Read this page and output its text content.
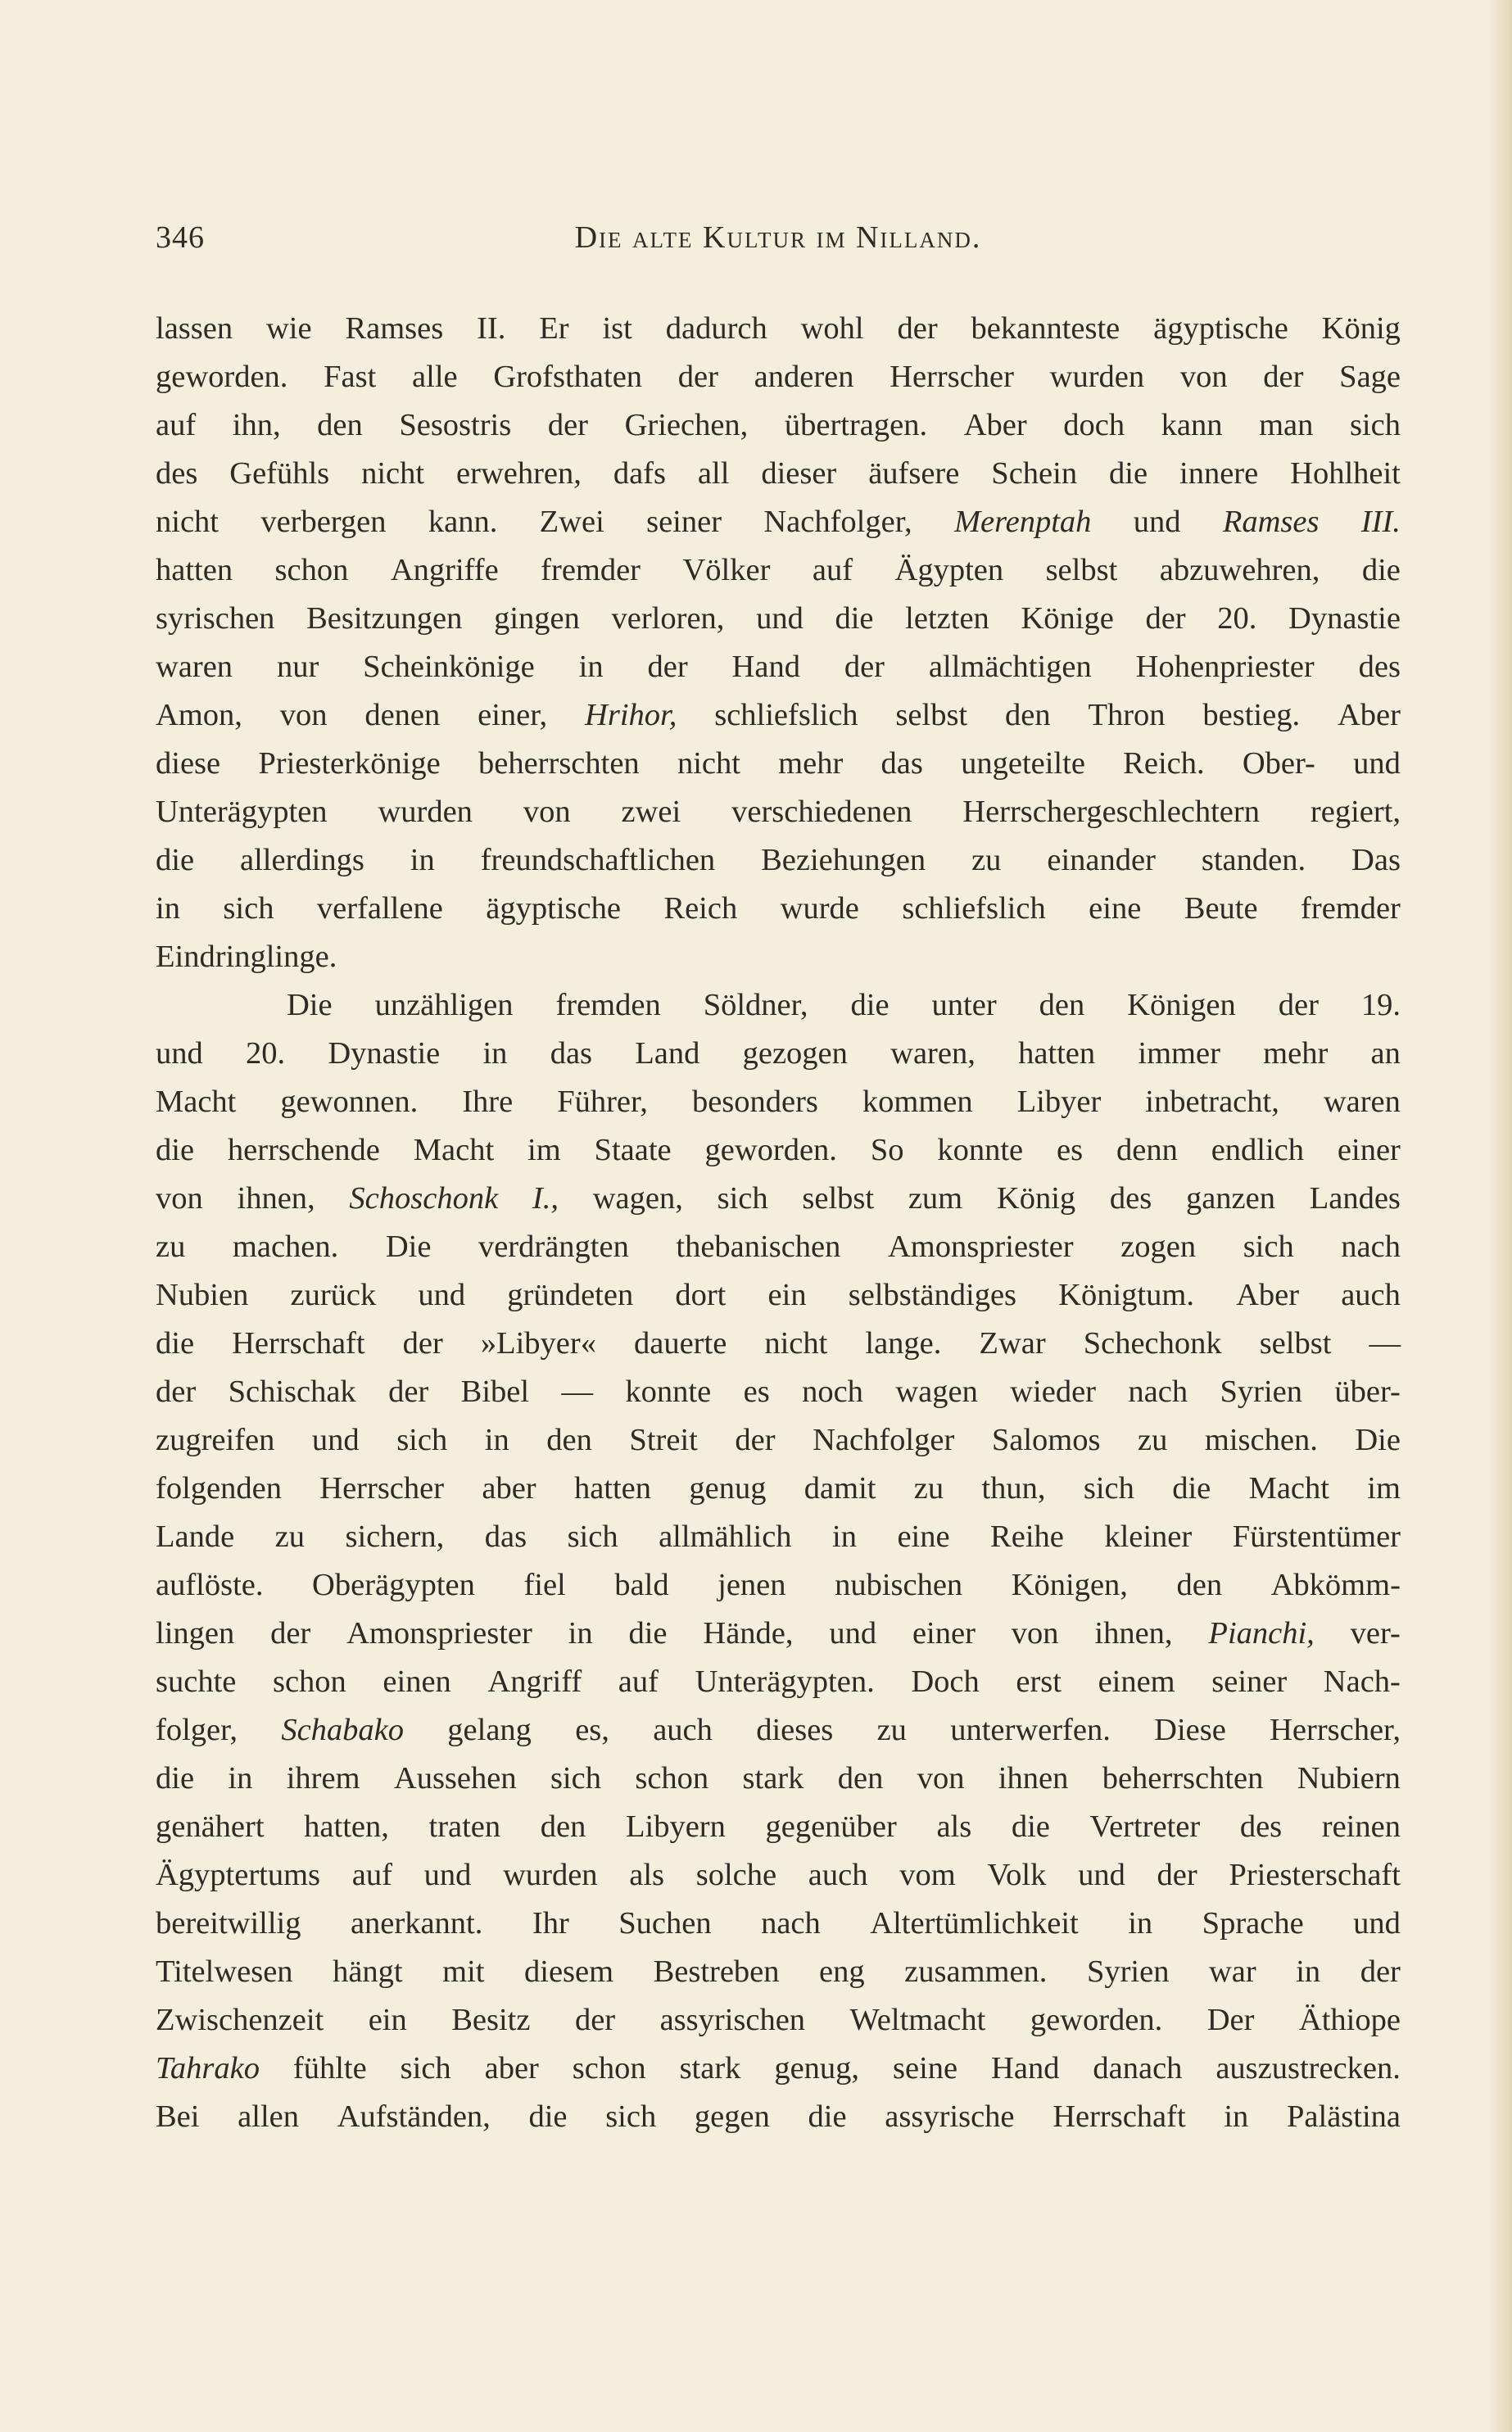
346	Die alte Kultur im Nilland.
lassen wie Ramses II. Er ist dadurch wohl der bekannteste ägyptische König
geworden. Fast alle Grofsthaten der anderen Herrscher wurden von der Sage
auf ihn, den Sesostris der Griechen, übertragen. Aber doch kann man sich
des Gefühls nicht erwehren, dafs all dieser äufsere Schein die innere Hohlheit
nicht verbergen kann. Zwei seiner Nachfolger, Merenptah und Ramses III.
hatten schon Angriffe fremder Völker auf Ägypten selbst abzuwehren, die
syrischen Besitzungen gingen verloren, und die letzten Könige der 20. Dynastie
waren nur Scheinkönige in der Hand der allmächtigen Hohenpriester des
Amon, von denen einer, Hrihor, schliefslich selbst den Thron bestieg. Aber
diese Priesterkönige beherrschten nicht mehr das ungeteilte Reich. Ober- und
Unterägypten wurden von zwei verschiedenen Herrschergeschlechtern regiert,
die allerdings in freundschaftlichen Beziehungen zu einander standen. Das
in sich verfallene ägyptische Reich wurde schliefslich eine Beute fremder
Eindringlinge.
Die unzähligen fremden Söldner, die unter den Königen der 19.
und 20. Dynastie in das Land gezogen waren, hatten immer mehr an
Macht gewonnen. Ihre Führer, besonders kommen Libyer inbetracht, waren
die herrschende Macht im Staate geworden. So konnte es denn endlich einer
von ihnen, Schoschonk I., wagen, sich selbst zum König des ganzen Landes
zu machen. Die verdrängten thebanischen Amonspriester zogen sich nach
Nubien zurück und gründeten dort ein selbständiges Königtum. Aber auch
die Herrschaft der »Libyer« dauerte nicht lange. Zwar Schechonk selbst —
der Schischak der Bibel — konnte es noch wagen wieder nach Syrien über-
zugreifen und sich in den Streit der Nachfolger Salomos zu mischen. Die
folgenden Herrscher aber hatten genug damit zu thun, sich die Macht im
Lande zu sichern, das sich allmählich in eine Reihe kleiner Fürstentümer
auflöste. Oberägypten fiel bald jenen nubischen Königen, den Abkömm-
lingen der Amonspriester in die Hände, und einer von ihnen, Pianchi, ver-
suchte schon einen Angriff auf Unterägypten. Doch erst einem seiner Nach-
folger, Schabako gelang es, auch dieses zu unterwerfen. Diese Herrscher,
die in ihrem Aussehen sich schon stark den von ihnen beherrschten Nubiern
genähert hatten, traten den Libyern gegenüber als die Vertreter des reinen
Ägyptertums auf und wurden als solche auch vom Volk und der Priesterschaft
bereitwillig anerkannt. Ihr Suchen nach Altertümlichkeit in Sprache und
Titelwesen hängt mit diesem Bestreben eng zusammen. Syrien war in der
Zwischenzeit ein Besitz der assyrischen Weltmacht geworden. Der Äthiope
Tahrako fühlte sich aber schon stark genug, seine Hand danach auszustrecken.
Bei allen Aufständen, die sich gegen die assyrische Herrschaft in Palästina
